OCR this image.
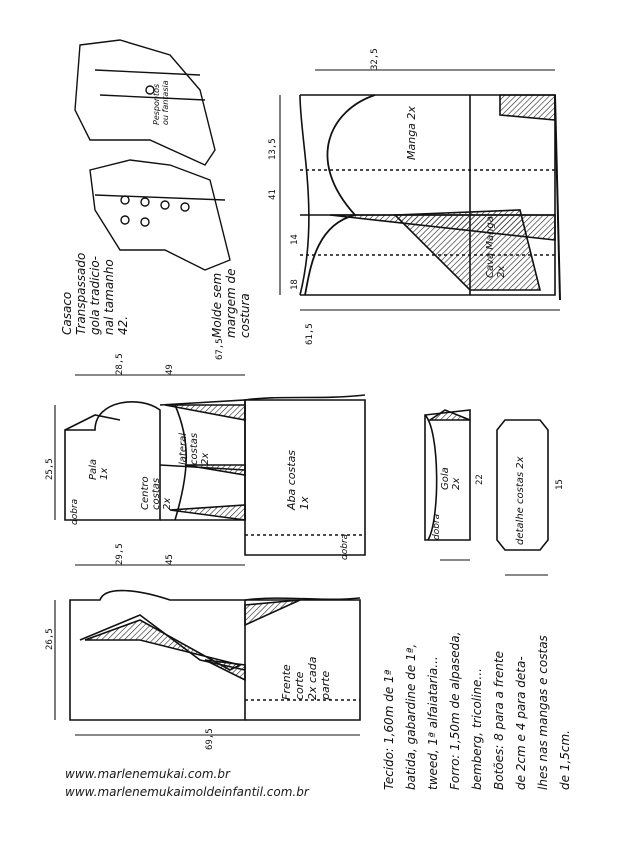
Casaco Transpassado gola tradicio- nal tamanho 42.	Molde sem margem de costura
Pespontos ou fantasia
Tecido: 1,60m de 1ª batida, gabardine de 1ª, tweed, 1ª alfaiataria... Forro: 1,50m de alpaseda, bemberg, tricoline... Botões: 8 para a frente de 2cm e 4 para deta- lhes nas mangas e costas de 1,5cm.
www.marlenemukai.com.br
www.marlenemukaimoldeinfantil.com.br
Manga 2x
Cava Manga
2x
32,5
41
13,5
14
18
61,5
Pala 1x
Centro costas 2x
lateral costas 2x	Aba costas 1x
dobra
dobra
28,5	49
25,5
Frente corte 2x cada parte
29,5	45
26,5
69,5
67,5
Gola 2x
dobra
22	detalhe costas 2x	15
